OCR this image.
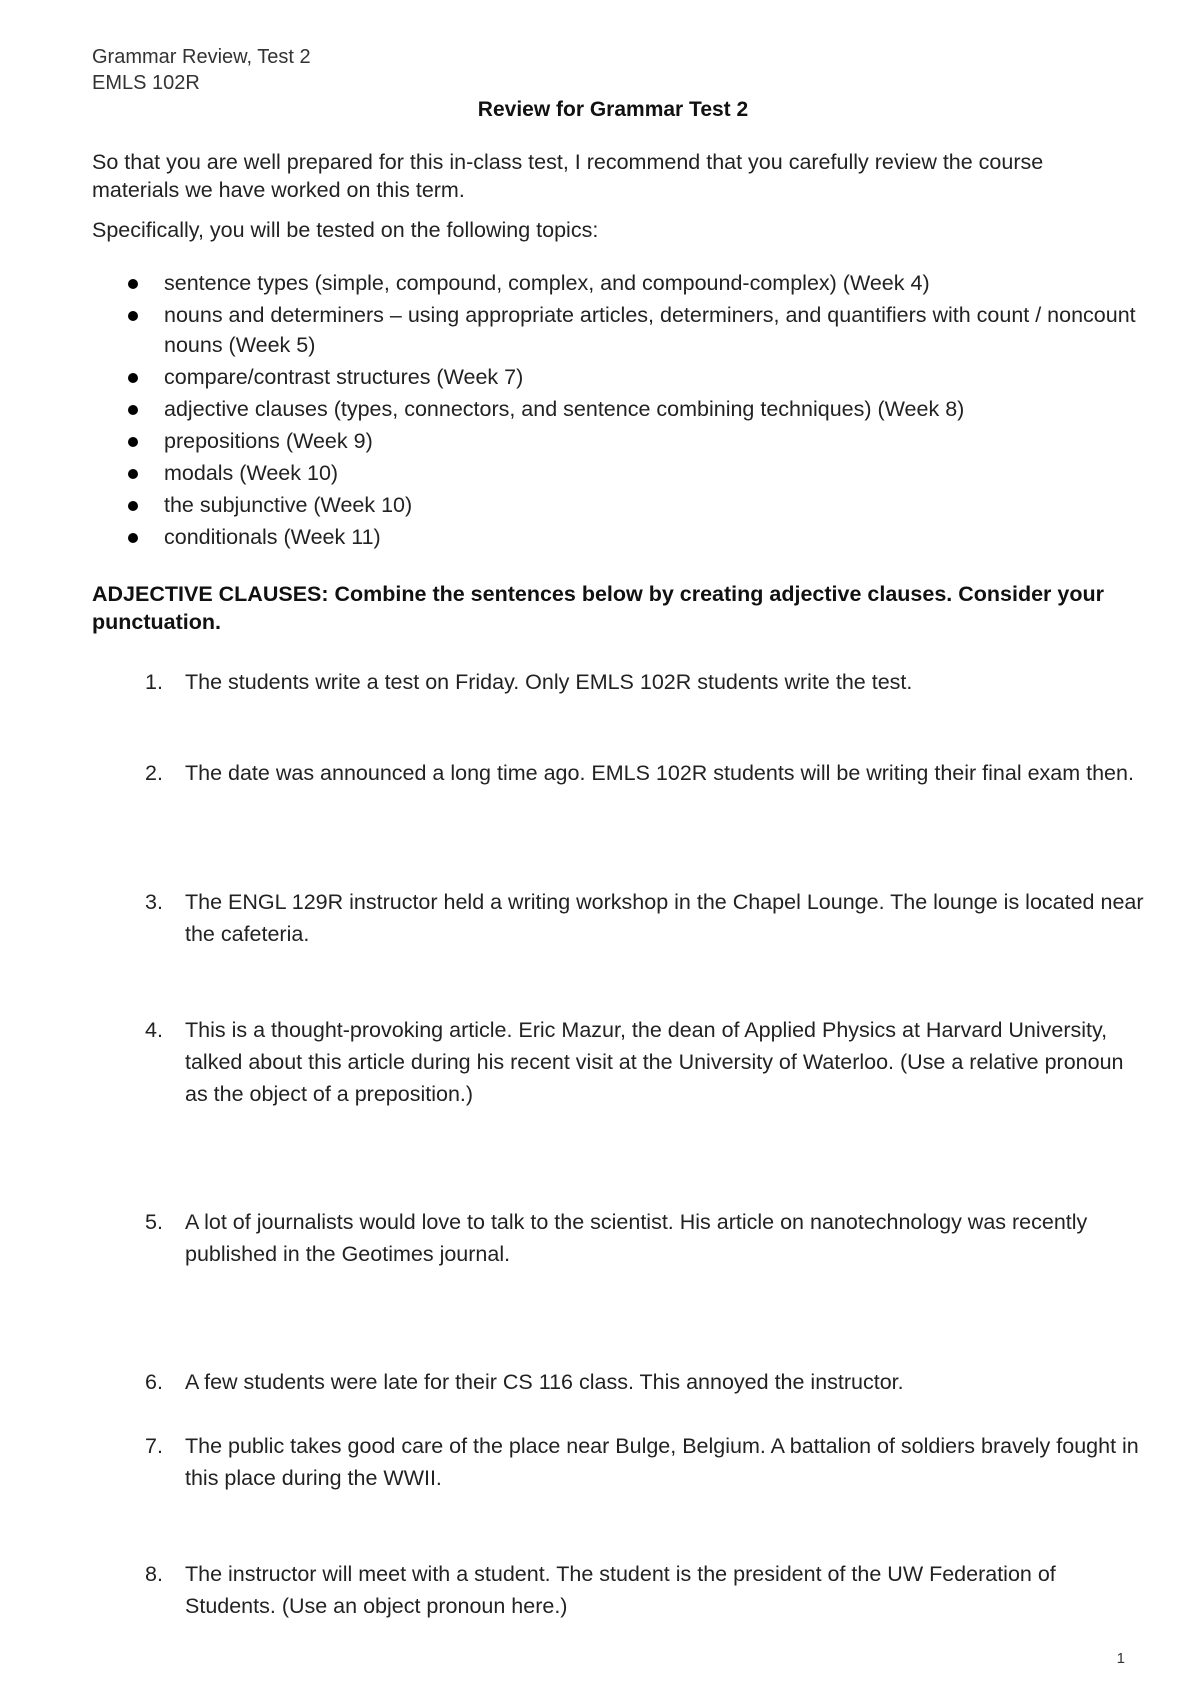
Grammar Review, Test 2
EMLS 102R
Review for Grammar Test 2
So that you are well prepared for this in-class test, I recommend that you carefully review the course materials we have worked on this term.
Specifically, you will be tested on the following topics:
sentence types (simple, compound, complex, and compound-complex) (Week 4)
nouns and determiners – using appropriate articles, determiners, and quantifiers with count / noncount nouns (Week 5)
compare/contrast structures (Week 7)
adjective clauses (types, connectors, and sentence combining techniques) (Week 8)
prepositions (Week 9)
modals (Week 10)
the subjunctive (Week 10)
conditionals (Week 11)
ADJECTIVE CLAUSES: Combine the sentences below by creating adjective clauses. Consider your punctuation.
1.	The students write a test on Friday. Only EMLS 102R students write the test.
2.	The date was announced a long time ago. EMLS 102R students will be writing their final exam then.
3.	The ENGL 129R instructor held a writing workshop in the Chapel Lounge. The lounge is located near the cafeteria.
4.	This is a thought-provoking article. Eric Mazur, the dean of Applied Physics at Harvard University, talked about this article during his recent visit at the University of Waterloo. (Use a relative pronoun as the object of a preposition.)
5.	A lot of journalists would love to talk to the scientist. His article on nanotechnology was recently published in the Geotimes journal.
6.	A few students were late for their CS 116 class. This annoyed the instructor.
7.	The public takes good care of the place near Bulge, Belgium. A battalion of soldiers bravely fought in this place during the WWII.
8.	The instructor will meet with a student. The student is the president of the UW Federation of Students. (Use an object pronoun here.)
1
